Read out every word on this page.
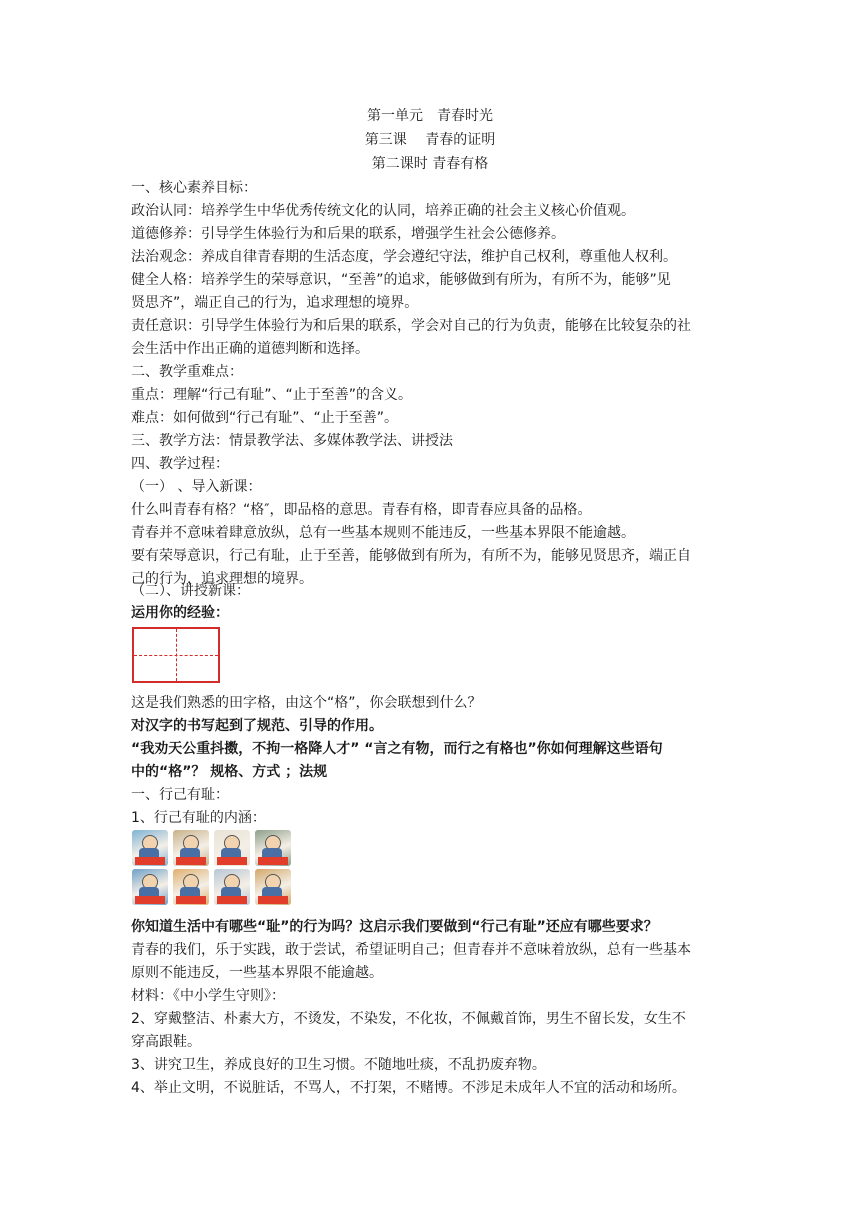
第一单元　青春时光
第三课　 青春的证明
第二课时 青春有格
一、核心素养目标：
政治认同：培养学生中华优秀传统文化的认同，培养正确的社会主义核心价值观。
道德修养：引导学生体验行为和后果的联系，增强学生社会公德修养。
法治观念：养成自律青春期的生活态度，学会遵纪守法，维护自己权利，尊重他人权利。
健全人格：培养学生的荣辱意识，“至善”的追求，能够做到有所为，有所不为，能够”见
贤思齐”，端正自己的行为，追求理想的境界。
责任意识：引导学生体验行为和后果的联系，学会对自己的行为负责，能够在比较复杂的社
会生活中作出正确的道德判断和选择。
二、教学重难点：
重点：理解“行己有耻”、“止于至善”的含义。
难点：如何做到“行己有耻”、“止于至善”。
三、教学方法：情景教学法、多媒体教学法、讲授法
四、教学过程：
（一） 、导入新课：
什么叫青春有格？“格″，即品格的意思。青春有格，即青春应具备的品格。
青春并不意味着肆意放纵，总有一些基本规则不能违反，一些基本界限不能逾越。
要有荣辱意识，行己有耻，止于至善，能够做到有所为，有所不为，能够见贤思齐，端正自
己的行为，追求理想的境界。
（二）、讲授新课：
运用你的经验：
这是我们熟悉的田字格，由这个“格”，你会联想到什么？
对汉字的书写起到了规范、引导的作用。
“我劝天公重抖擞，不拘一格降人才” “言之有物，而行之有格也”你如何理解这些语句
中的“格”？ 规格、方式 ；法规
一、行己有耻：
1、行己有耻的内涵：
你知道生活中有哪些“耻”的行为吗？这启示我们要做到“行己有耻”还应有哪些要求？
青春的我们，乐于实践，敢于尝试，希望证明自己；但青春并不意味着放纵，总有一些基本
原则不能违反，一些基本界限不能逾越。
材料：《中小学生守则》：
2、穿戴整洁、朴素大方，不烫发，不染发，不化妆，不佩戴首饰，男生不留长发，女生不
穿高跟鞋。
3、讲究卫生，养成良好的卫生习惯。不随地吐痰，不乱扔废弃物。
4、举止文明，不说脏话，不骂人，不打架，不赌博。不涉足未成年人不宜的活动和场所。
